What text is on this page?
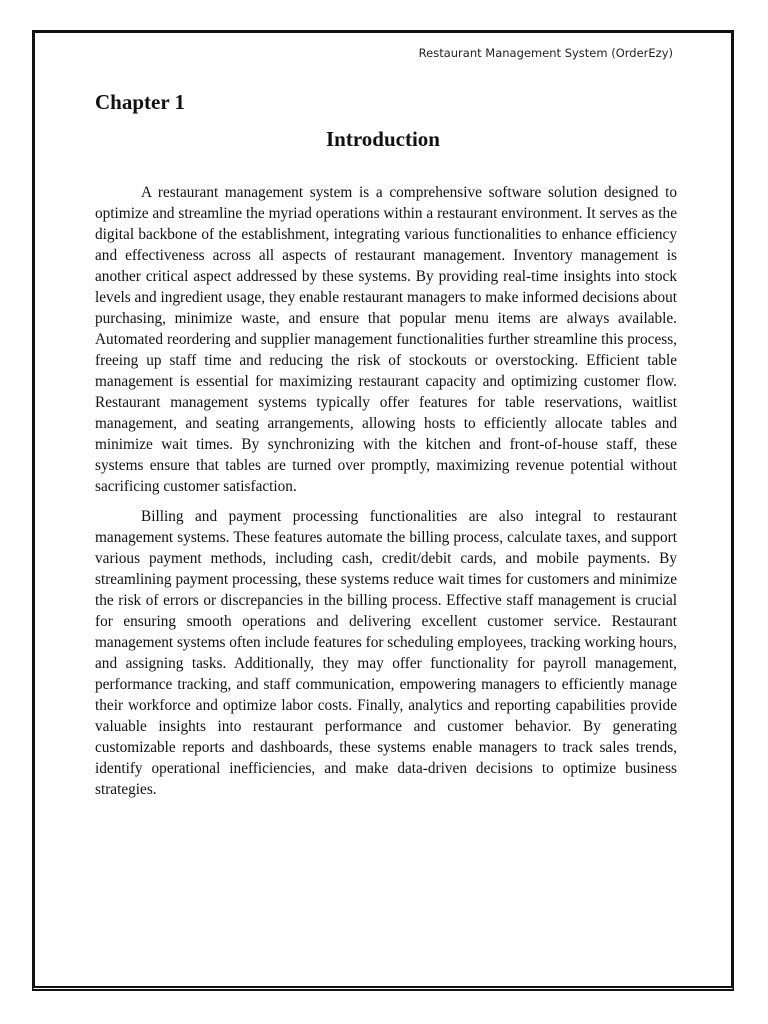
Restaurant Management System (OrderEzy)
Chapter 1
Introduction

A restaurant management system is a comprehensive software solution designed to optimize and streamline the myriad operations within a restaurant environment. It serves as the digital backbone of the establishment, integrating various functionalities to enhance efficiency and effectiveness across all aspects of restaurant management. Inventory management is another critical aspect addressed by these systems. By providing real-time insights into stock levels and ingredient usage, they enable restaurant managers to make informed decisions about purchasing, minimize waste, and ensure that popular menu items are always available. Automated reordering and supplier management functionalities further streamline this process, freeing up staff time and reducing the risk of stockouts or overstocking. Efficient table management is essential for maximizing restaurant capacity and optimizing customer flow. Restaurant management systems typically offer features for table reservations, waitlist management, and seating arrangements, allowing hosts to efficiently allocate tables and minimize wait times. By synchronizing with the kitchen and front-of-house staff, these systems ensure that tables are turned over promptly, maximizing revenue potential without sacrificing customer satisfaction.

Billing and payment processing functionalities are also integral to restaurant management systems. These features automate the billing process, calculate taxes, and support various payment methods, including cash, credit/debit cards, and mobile payments. By streamlining payment processing, these systems reduce wait times for customers and minimize the risk of errors or discrepancies in the billing process. Effective staff management is crucial for ensuring smooth operations and delivering excellent customer service. Restaurant management systems often include features for scheduling employees, tracking working hours, and assigning tasks. Additionally, they may offer functionality for payroll management, performance tracking, and staff communication, empowering managers to efficiently manage their workforce and optimize labor costs. Finally, analytics and reporting capabilities provide valuable insights into restaurant performance and customer behavior. By generating customizable reports and dashboards, these systems enable managers to track sales trends, identify operational inefficiencies, and make data-driven decisions to optimize business strategies.
